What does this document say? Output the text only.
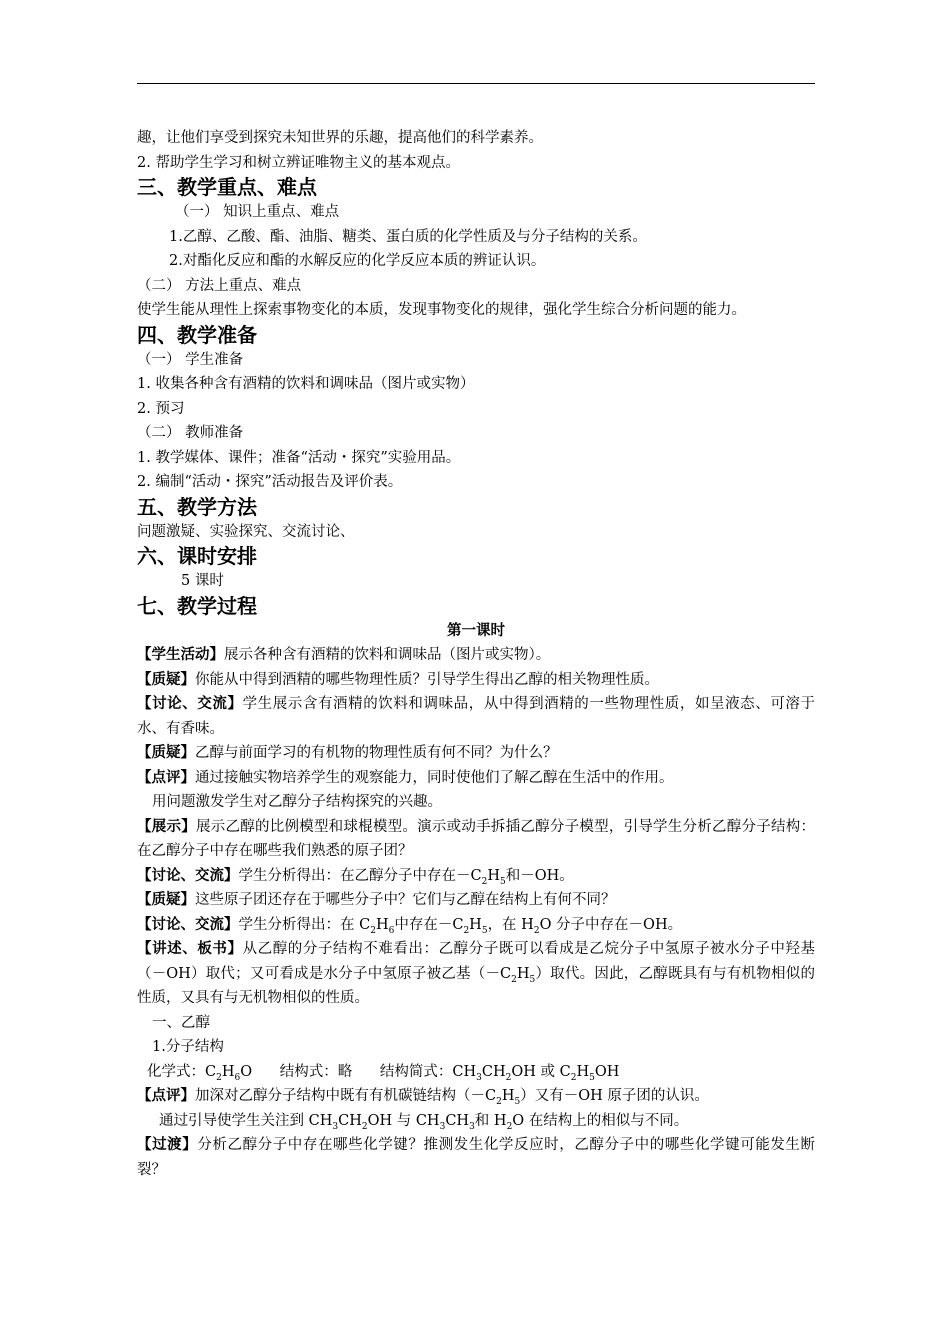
趣，让他们享受到探究未知世界的乐趣，提高他们的科学素养。
2. 帮助学生学习和树立辨证唯物主义的基本观点。
三、教学重点、难点
（一） 知识上重点、难点
1.乙醇、乙酸、酯、油脂、糖类、蛋白质的化学性质及与分子结构的关系。
2.对酯化反应和酯的水解反应的化学反应本质的辨证认识。
（二） 方法上重点、难点
使学生能从理性上探索事物变化的本质，发现事物变化的规律，强化学生综合分析问题的能力。
四、教学准备
（一） 学生准备
1. 收集各种含有酒精的饮料和调味品（图片或实物）
2. 预习
（二） 教师准备
1. 教学媒体、课件；准备“活动・探究”实验用品。
2. 编制“活动・探究”活动报告及评价表。
五、教学方法
问题激疑、实验探究、交流讨论、
六、课时安排
5 课时
七、教学过程
第一课时
【学生活动】展示各种含有酒精的饮料和调味品（图片或实物）。
【质疑】你能从中得到酒精的哪些物理性质？引导学生得出乙醇的相关物理性质。
【讨论、交流】学生展示含有酒精的饮料和调味品，从中得到酒精的一些物理性质，如呈液态、可溶于水、有香味。
【质疑】乙醇与前面学习的有机物的物理性质有何不同？为什么？
【点评】通过接触实物培养学生的观察能力，同时使他们了解乙醇在生活中的作用。
用问题激发学生对乙醇分子结构探究的兴趣。
【展示】展示乙醇的比例模型和球棍模型。演示或动手拆插乙醇分子模型，引导学生分析乙醇分子结构：在乙醇分子中存在哪些我们熟悉的原子团？
【讨论、交流】学生分析得出：在乙醇分子中存在$-C_2H_5$和－OH。
【质疑】这些原子团还存在于哪些分子中？它们与乙醇在结构上有何不同？
【讨论、交流】学生分析得出：在 $C_2H_6$中存在$-C_2H_5$，在 $H_2O$ 分子中存在－OH。
【讲述、板书】从乙醇的分子结构不难看出：乙醇分子既可以看成是乙烷分子中氢原子被水分子中羟基（－OH）取代；又可看成是水分子中氢原子被乙基$(-C_2H_5)$取代。因此，乙醇既具有与有机物相似的性质，又具有与无机物相似的性质。
一、乙醇
1.分子结构
化学式：$C_2H_6O$      结构式：略      结构简式：$CH_3CH_2OH$ 或 $C_2H_5OH$
【点评】加深对乙醇分子结构中既有有机碳链结构$(-C_2H_5)$又有－OH 原子团的认识。
通过引导使学生关注到 $CH_3CH_2OH$ 与 $CH_3CH_3$和 $H_2O$ 在结构上的相似与不同。
【过渡】分析乙醇分子中存在哪些化学键？推测发生化学反应时，乙醇分子中的哪些化学键可能发生断裂？
